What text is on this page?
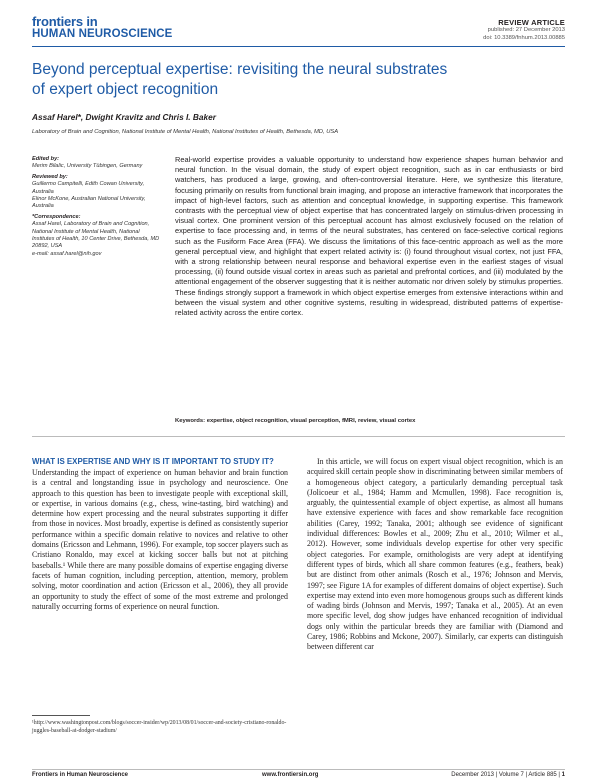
frontiers in
HUMAN NEUROSCIENCE
REVIEW ARTICLE
published: 27 December 2013
doi: 10.3389/fnhum.2013.00885
Beyond perceptual expertise: revisiting the neural substrates of expert object recognition
Assaf Harel*, Dwight Kravitz and Chris I. Baker
Laboratory of Brain and Cognition, National Institute of Mental Health, National Institutes of Health, Bethesda, MD, USA
Edited by:
Merim Bilalic, University Tübingen, Germany
Reviewed by:
Guillermo Campitelli, Edith Cowan University, Australia
Elinor McKone, Australian National University, Australia
*Correspondence:
Assaf Harel, Laboratory of Brain and Cognition, National Institute of Mental Health, National Institutes of Health, 10 Center Drive, Bethesda, MD 20892, USA
e-mail: assaf.harel@nih.gov

Real-world expertise provides a valuable opportunity to understand how experience shapes human behavior and neural function. In the visual domain, the study of expert object recognition, such as in car enthusiasts or bird watchers, has produced a large, growing, and often-controversial literature. Here, we synthesize this literature, focusing primarily on results from functional brain imaging, and propose an interactive framework that incorporates the impact of high-level factors, such as attention and conceptual knowledge, in supporting expertise. This framework contrasts with the perceptual view of object expertise that has concentrated largely on stimulus-driven processing in visual cortex. One prominent version of this perceptual account has almost exclusively focused on the relation of expertise to face processing and, in terms of the neural substrates, has centered on face-selective cortical regions such as the Fusiform Face Area (FFA). We discuss the limitations of this face-centric approach as well as the more general perceptual view, and highlight that expert related activity is: (i) found throughout visual cortex, not just FFA, with a strong relationship between neural response and behavioral expertise even in the earliest stages of visual processing, (ii) found outside visual cortex in areas such as parietal and prefrontal cortices, and (iii) modulated by the attentional engagement of the observer suggesting that it is neither automatic nor driven solely by stimulus properties. These findings strongly support a framework in which object expertise emerges from extensive interactions within and between the visual system and other cognitive systems, resulting in widespread, distributed patterns of expertise-related activity across the entire cortex.

Keywords: expertise, object recognition, visual perception, fMRI, review, visual cortex
WHAT IS EXPERTISE AND WHY IS IT IMPORTANT TO STUDY IT?

Understanding the impact of experience on human behavior and brain function is a central and longstanding issue in psychology and neuroscience. One approach to this question has been to investigate people with exceptional skill, or expertise, in various domains (e.g., chess, wine-tasting, bird watching) and determine how expert processing and the neural substrates supporting it differ from those in novices. Most broadly, expertise is defined as consistently superior performance within a specific domain relative to novices and relative to other domains (Ericsson and Lehmann, 1996). For example, top soccer players such as Cristiano Ronaldo, may excel at kicking soccer balls but not at pitching baseballs.¹ While there are many possible domains of expertise engaging diverse facets of human cognition, including perception, attention, memory, problem solving, motor coordination and action (Ericsson et al., 2006), they all provide an opportunity to study the effect of some of the most extreme and prolonged naturally occurring forms of experience on neural function.

In this article, we will focus on expert visual object recognition, which is an acquired skill certain people show in discriminating between similar members of a homogeneous object category, a particularly demanding perceptual task (Jolicoeur et al., 1984; Hamm and Mcmullen, 1998). Face recognition is, arguably, the quintessential example of object expertise, as almost all humans have extensive experience with faces and show remarkable face recognition abilities (Carey, 1992; Tanaka, 2001; although see evidence of significant individual differences: Bowles et al., 2009; Zhu et al., 2010; Wilmer et al., 2012). However, some individuals develop expertise for other very specific object categories. For example, ornithologists are very adept at identifying different types of birds, which all share common features (e.g., feathers, beak) but are distinct from other animals (Rosch et al., 1976; Johnson and Mervis, 1997; see Figure 1A for examples of different domains of object expertise). Such expertise may extend into even more homogenous groups such as different kinds of wading birds (Johnson and Mervis, 1997; Tanaka et al., 2005). At an even more specific level, dog show judges have enhanced recognition of individual dogs only within the particular breeds they are familiar with (Diamond and Carey, 1986; Robbins and Mckone, 2007). Similarly, car experts can distinguish between different car

¹http://www.washingtonpost.com/blogs/soccer-insider/wp/2013/08/01/soccer-and-society-cristiano-ronaldo-juggles-baseball-at-dodger-stadium/
Frontiers in Human Neuroscience	www.frontiersin.org	December 2013 | Volume 7 | Article 885 | 1
